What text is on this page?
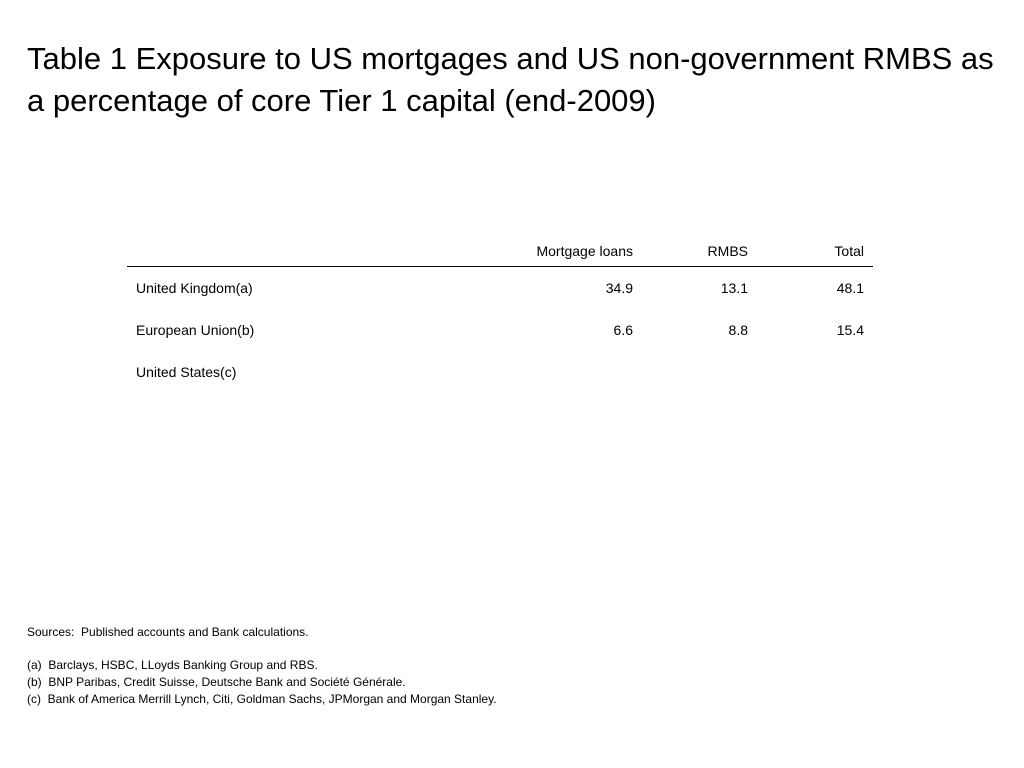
Table 1 Exposure to US mortgages and US non-government RMBS as a percentage of core Tier 1 capital (end-2009)
	Mortgage loans	RMBS	Total
United Kingdom(a)	34.9	13.1	48.1
European Union(b)	6.6	8.8	15.4
United States(c)			
Sources:  Published accounts and Bank calculations.
(a)  Barclays, HSBC, LLoyds Banking Group and RBS.
(b)  BNP Paribas, Credit Suisse, Deutsche Bank and Société Générale.
(c)  Bank of America Merrill Lynch, Citi, Goldman Sachs, JPMorgan and Morgan Stanley.
